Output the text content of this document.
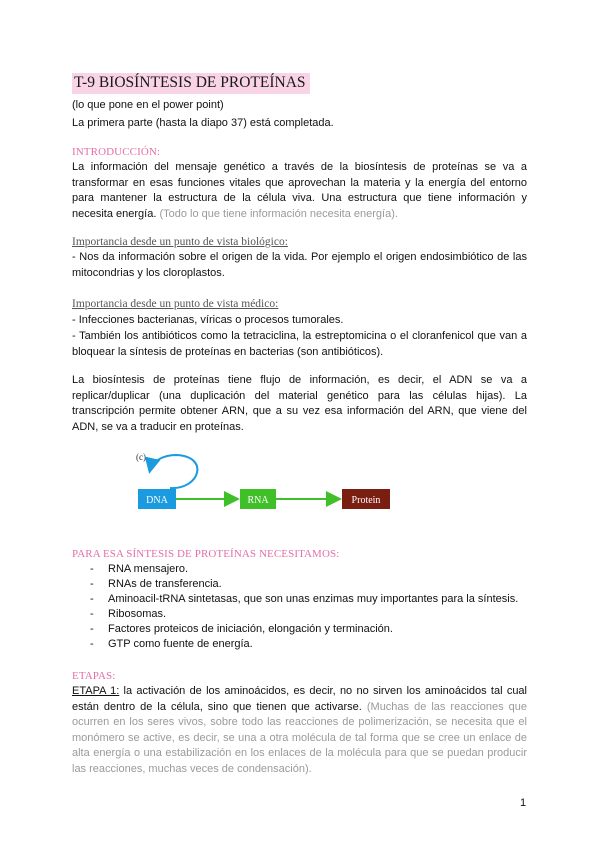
T-9 BIOSÍNTESIS DE PROTEÍNAS
(lo que pone en el power point)
La primera parte (hasta la diapo 37) está completada.
INTRODUCCIÓN:
La información del mensaje genético a través de la biosíntesis de proteínas se va a transformar en esas funciones vitales que aprovechan la materia y la energía del entorno para mantener la estructura de la célula viva. Una estructura que tiene información y necesita energía. (Todo lo que tiene información necesita energía).
Importancia desde un punto de vista biológico:
- Nos da información sobre el origen de la vida. Por ejemplo el origen endosimbiótico de las mitocondrias y los cloroplastos.
Importancia desde un punto de vista médico:
- Infecciones bacterianas, víricas o procesos tumorales.
- También los antibióticos como la tetraciclina, la estreptomicina o el cloranfenicol que van a bloquear la síntesis de proteínas en bacterias (son antibióticos).
La biosíntesis de proteínas tiene flujo de información, es decir, el ADN se va a replicar/duplicar (una duplicación del material genético para las células hijas). La transcripción permite obtener ARN, que a su vez esa información del ARN, que viene del ADN, se va a traducir en proteínas.
(c)
DNA	RNA	Protein
PARA ESA SÍNTESIS DE PROTEÍNAS NECESITAMOS:
- RNA mensajero.
- RNAs de transferencia.
- Aminoacil-tRNA sintetasas, que son unas enzimas muy importantes para la síntesis.
- Ribosomas.
- Factores proteicos de iniciación, elongación y terminación.
- GTP como fuente de energía.
ETAPAS:
ETAPA 1: la activación de los aminoácidos, es decir, no no sirven los aminoácidos tal cual están dentro de la célula, sino que tienen que activarse. (Muchas de las reacciones que ocurren en los seres vivos, sobre todo las reacciones de polimerización, se necesita que el monómero se active, es decir, se una a otra molécula de tal forma que se cree un enlace de alta energía o una estabilización en los enlaces de la molécula para que se puedan producir las reacciones, muchas veces de condensación).
1
